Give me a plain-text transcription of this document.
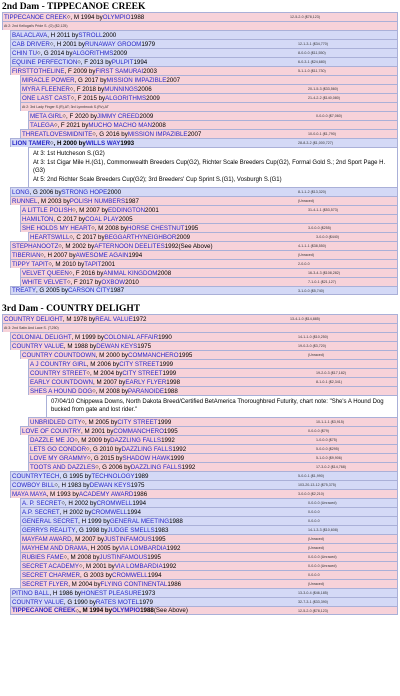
2nd Dam - TIPPECANOE CREEK
TIPPECANOE CREEK ◇ , M 1994 by OLYMPIO 1988	12-5-2-0 ($78,123)
At 2: 2nd Kellogat's Pride S. (O) ($2,125)
BALACLAVA , H 2011 by STROLL 2000
CAB DRIVER ◇ , H 2001 by RUNAWAY GROOM 1979	12-1-3-1 ($34,770)
CHIN TU ◇ , G 2014 by ALGORITHMS 2009	8-0-0-0 ($11,550)
EQUINE PERFECTION ◇ , F 2013 by PULPIT 1994	6-0-3-1 ($24,680)
FIRSTTOTHELINE , F 2009 by FIRST SAMURAI 2003	5-1-1-0 ($11,730)
MIRACLE POWER , G 2017 by MISSION IMPAZIBLE 2007
MYRA FLEENER ◇ , F 2018 by MUNNINGS 2006	20-1-5-3 ($33,560)
ONE LAST CAST ◇ , F 2015 by ALGORITHMS 2009	21-4-2-2 ($140,080)
At 2: 3rd Lady Finger S.(R),AT; 3rd Lynnbrook S.(Rv),AT
META GIRL ◇ , F 2020 by JIMMY CREED 2009	0-0-0-0 ($7,060)
TALEGA ◇ , F 2021 by MUCHO MACHO MAN 2008
THREATLOVESMIDNITE ◇ , G 2016 by MISSION IMPAZIBLE 2007	10-0-0-1 ($1,790)
LION TAMER ◇ , H 2000 by WILLS WAY 1993	28-8-3-2 ($1,000,727)
At 3: 1st Hutcheson S.(G2)
At 3: 1st Cigar Mile H.(G1), Commonwealth Breeders Cup(G2), Richter Scale Breeders Cup(G2), Formal Gold S.; 2nd Sport Page H.(G3)
At 5: 2nd Richter Scale Breeders Cup(G2); 3rd Breeders' Cup Sprint S.(G1), Vosburgh S.(G1)
LONG , G 2006 by STRONG HOPE 2000	8-1-1-2 ($13,320)
RUNNEL , M 2003 by POLISH NUMBERS 1987	(Unraced)
A LITTLE POLISH ◇ , M 2007 by EDDINGTON 2001	31-4-1-1 ($53,573)
HAMILTON , C 2017 by COAL PLAY 2005
SHE HOLDS MY HEART ◇ , M 2008 by HORSE CHESTNUT 1995	3-0-0-0 ($255)
HEARTSWILL ◇ , C 2017 by BEGGARTHYNEIGHBOR 2009	3-0-0-0 ($440)
STEPHANOOTZ ◇ , M 2002 by AFTERNOON DEELITES 1992 (See Above)	4-1-1-1 ($38,550)
TIBERIAN ◇ , H 2007 by AWESOME AGAIN 1994	(Unraced)
TIPPY TAPIT ◇ , M 2010 by TAPIT 2001	2-0-0-0
VELVET QUEEN ◇ , F 2016 by ANIMAL KINGDOM 2008	16-3-4-3 ($108,282)
WHITE VELVET ◇ , F 2017 by OXBOW 2010	7-1-0-1 ($21,127)
TREATY , G 2005 by CARSON CITY 1987	3-1-0-0 ($5,740)
3rd Dam - COUNTRY DELIGHT
COUNTRY DELIGHT , M 1978 by REAL VALUE 1972	13-4-1-0 ($14,885)
At 3: 2nd Satin And Lace S. (T,250)
COLONIAL DELIGHT , M 1999 by COLONIAL AFFAIR 1990	14-1-1-0 ($10,250)
COUNTRY VALUE , M 1988 by DEWAN KEYS 1975	19-0-3-0 ($3,720)
COUNTRY COUNTDOWN , M 2000 by COMMANCHERO 1995	(Unraced)
A J COUNTRY GIRL , M 2006 by CITY STREET 1999
COUNTRY STREET ◇ , M 2004 by CITY STREET 1999	19-2-0-3 ($17,182)
EARLY COUNTDOWN , M 2007 by EARLY FLYER 1998	8-1-0-1 ($2,341)
SHES A HOUND DOG ◇ , M 2008 by PARANOIDE 1988
07/04/10 Chippewa Downs, North Dakota Breed/Certified BetAmerica Thoroughbred Futurity, chart note: "She's A Hound Dog bucked from gate and lost rider."
UNBRIDLED CITY ◇ , M 2005 by CITY STREET 1999	10-1-1-1 ($3,915)
LOVE OF COUNTRY , M 2001 by COMMANCHERO 1995	0-0-0-0 ($79)
DAZZLE ME JO ◇ , M 2009 by DAZZLING FALLS 1992	1-0-0-0 ($75)
LETS GO CONDOR ◇ , G 2010 by DAZZLING FALLS 1992	5-0-0-0 ($295)
LOVE MY GRAMMY ◇ , G 2015 by SHADOW HAWK 1999	5-1-0-0 ($9,906)
TOOTS AND DAZZLES ◇ , G 2006 by DAZZLING FALLS 1992	17-3-0-2 ($14,768)
COUNTRYTECH , G 1995 by TECHNOLOGY 1989	5-0-0-1 ($1,990)
COWBOY BILL ◇ , H 1983 by DEWAN KEYS 1975	103-20-13-12 ($75,375)
MAYA MAYA , M 1993 by ACADEMY AWARD 1986	3-0-0-0 ($2,210)
A. P. SECRET ◇ , H 2002 by CROMWELL 1994	0-0-0-0 (Unraced)
A.P. SECRET , H 2002 by CROMWELL 1994	0-0-0-0
GENERAL SECRET , H 1999 by GENERAL MEETING 1988	0-0-0-0
GERRYS REALITY , G 1998 by JUDGE SMELLS 1983	14-1-3-3 ($10,608)
MAYFAM AWARD , M 2007 by JUSTINFAMOUS 1995	(Unraced)
MAYHEM AND DRAMA , H 2005 by VIA LOMBARDIA 1992	(Unraced)
RUBIES FAME ◇ , M 2008 by JUSTINFAMOUS 1995	0-0-0-0 (Unraced)
SECRET ACADEMY ◇ , M 2001 by VIA LOMBARDIA 1992	0-0-0-0 (Unraced)
SECRET CHARMER , G 2003 by CROMWELL 1994	0-0-0-0
SECRET FLYER , M 2004 by FLYING CONTINENTAL 1986	(Unraced)
PITINO BALL , H 1986 by HONEST PLEASURE 1973	13-3-0-4 ($46,185)
COUNTRY VALUE , G 1990 by RATES MOTEL 1979	32-7-3-1 ($33,390)
TIPPECANOE CREEK ◇ , M 1994 by OLYMPIO 1988 (See Above)	12-5-2-0 ($78,123)
